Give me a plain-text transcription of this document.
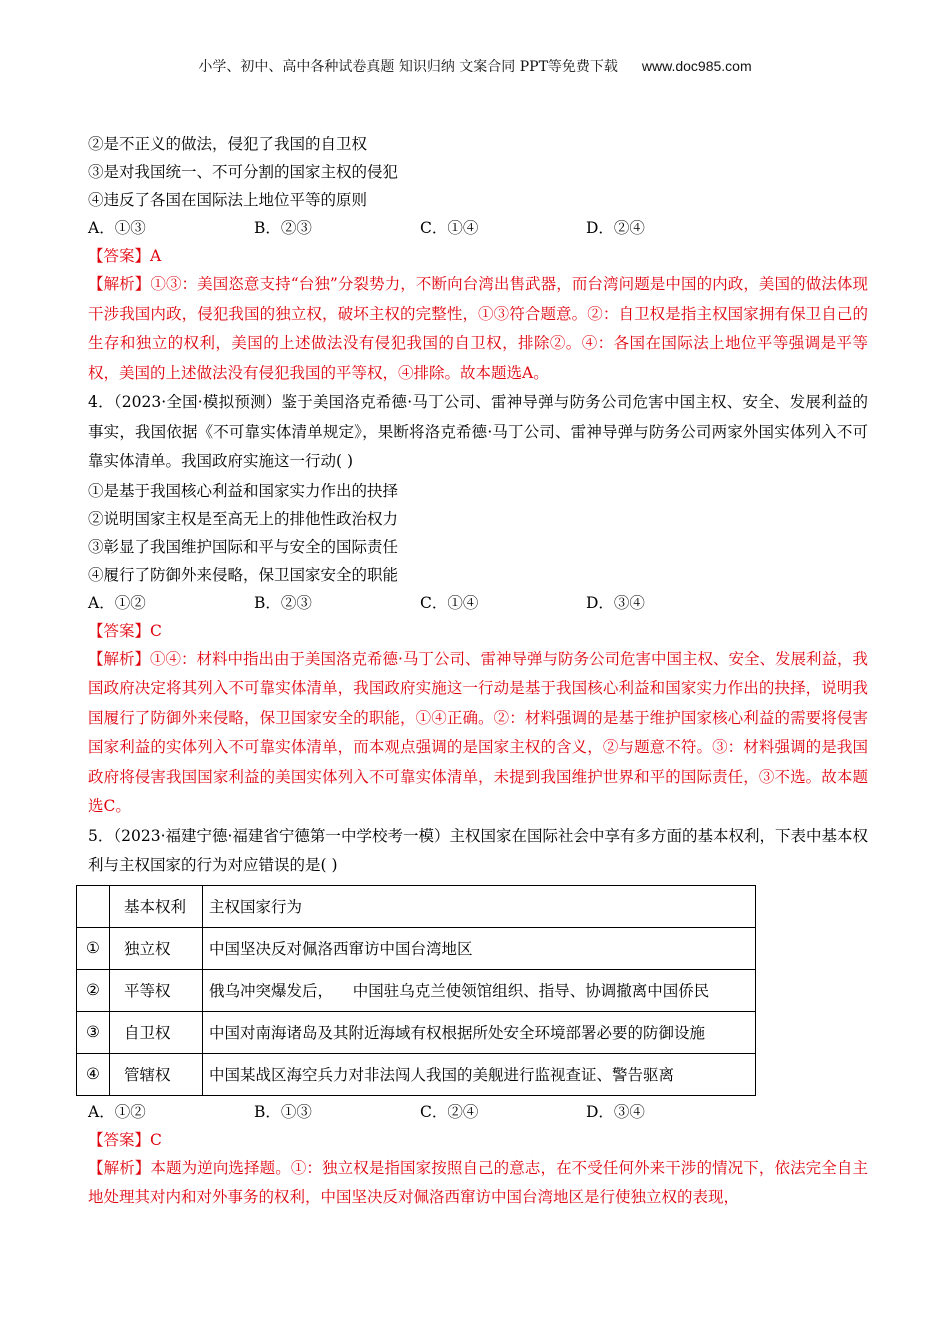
小学、初中、高中各种试卷真题 知识归纳 文案合同 PPT等免费下载 www.doc985.com
②是不正义的做法，侵犯了我国的自卫权
③是对我国统一、不可分割的国家主权的侵犯
④违反了各国在国际法上地位平等的原则
A．①③	B．②③	C．①④	D．②④
【答案】A
【解析】①③：美国恣意支持“台独”分裂势力，不断向台湾出售武器，而台湾问题是中国的内政，美国的做法体现干涉我国内政，侵犯我国的独立权，破坏主权的完整性，①③符合题意。②：自卫权是指主权国家拥有保卫自己的生存和独立的权利，美国的上述做法没有侵犯我国的自卫权，排除②。④：各国在国际法上地位平等强调是平等权，美国的上述做法没有侵犯我国的平等权，④排除。故本题选A。
4．（2023·全国·模拟预测）鉴于美国洛克希德·马丁公司、雷神导弹与防务公司危害中国主权、安全、发展利益的事实，我国依据《不可靠实体清单规定》，果断将洛克希德·马丁公司、雷神导弹与防务公司两家外国实体列入不可靠实体清单。我国政府实施这一行动( )
①是基于我国核心利益和国家实力作出的抉择
②说明国家主权是至高无上的排他性政治权力
③彰显了我国维护国际和平与安全的国际责任
④履行了防御外来侵略，保卫国家安全的职能
A．①②	B．②③	C．①④	D．③④
【答案】C
【解析】①④：材料中指出由于美国洛克希德·马丁公司、雷神导弹与防务公司危害中国主权、安全、发展利益，我国政府决定将其列入不可靠实体清单，我国政府实施这一行动是基于我国核心利益和国家实力作出的抉择，说明我国履行了防御外来侵略，保卫国家安全的职能，①④正确。②：材料强调的是基于维护国家核心利益的需要将侵害国家利益的实体列入不可靠实体清单，而本观点强调的是国家主权的含义，②与题意不符。③：材料强调的是我国政府将侵害我国国家利益的美国实体列入不可靠实体清单，未提到我国维护世界和平的国际责任，③不选。故本题选C。
5．（2023·福建宁德·福建省宁德第一中学校考一模）主权国家在国际社会中享有多方面的基本权利，下表中基本权利与主权国家的行为对应错误的是( )
	基本权利	主权国家行为
①	独立权	中国坚决反对佩洛西窜访中国台湾地区
②	平等权	俄乌冲突爆发后，    中国驻乌克兰使领馆组织、指导、协调撤离中国侨民
③	自卫权	中国对南海诸岛及其附近海域有权根据所处安全环境部署必要的防御设施
④	管辖权	中国某战区海空兵力对非法闯人我国的美舰进行监视查证、警告驱离
A．①②	B．①③	C．②④	D．③④
【答案】C
【解析】本题为逆向选择题。①：独立权是指国家按照自己的意志，在不受任何外来干涉的情况下，依法完全自主地处理其对内和对外事务的权利，中国坚决反对佩洛西窜访中国台湾地区是行使独立权的表现，
